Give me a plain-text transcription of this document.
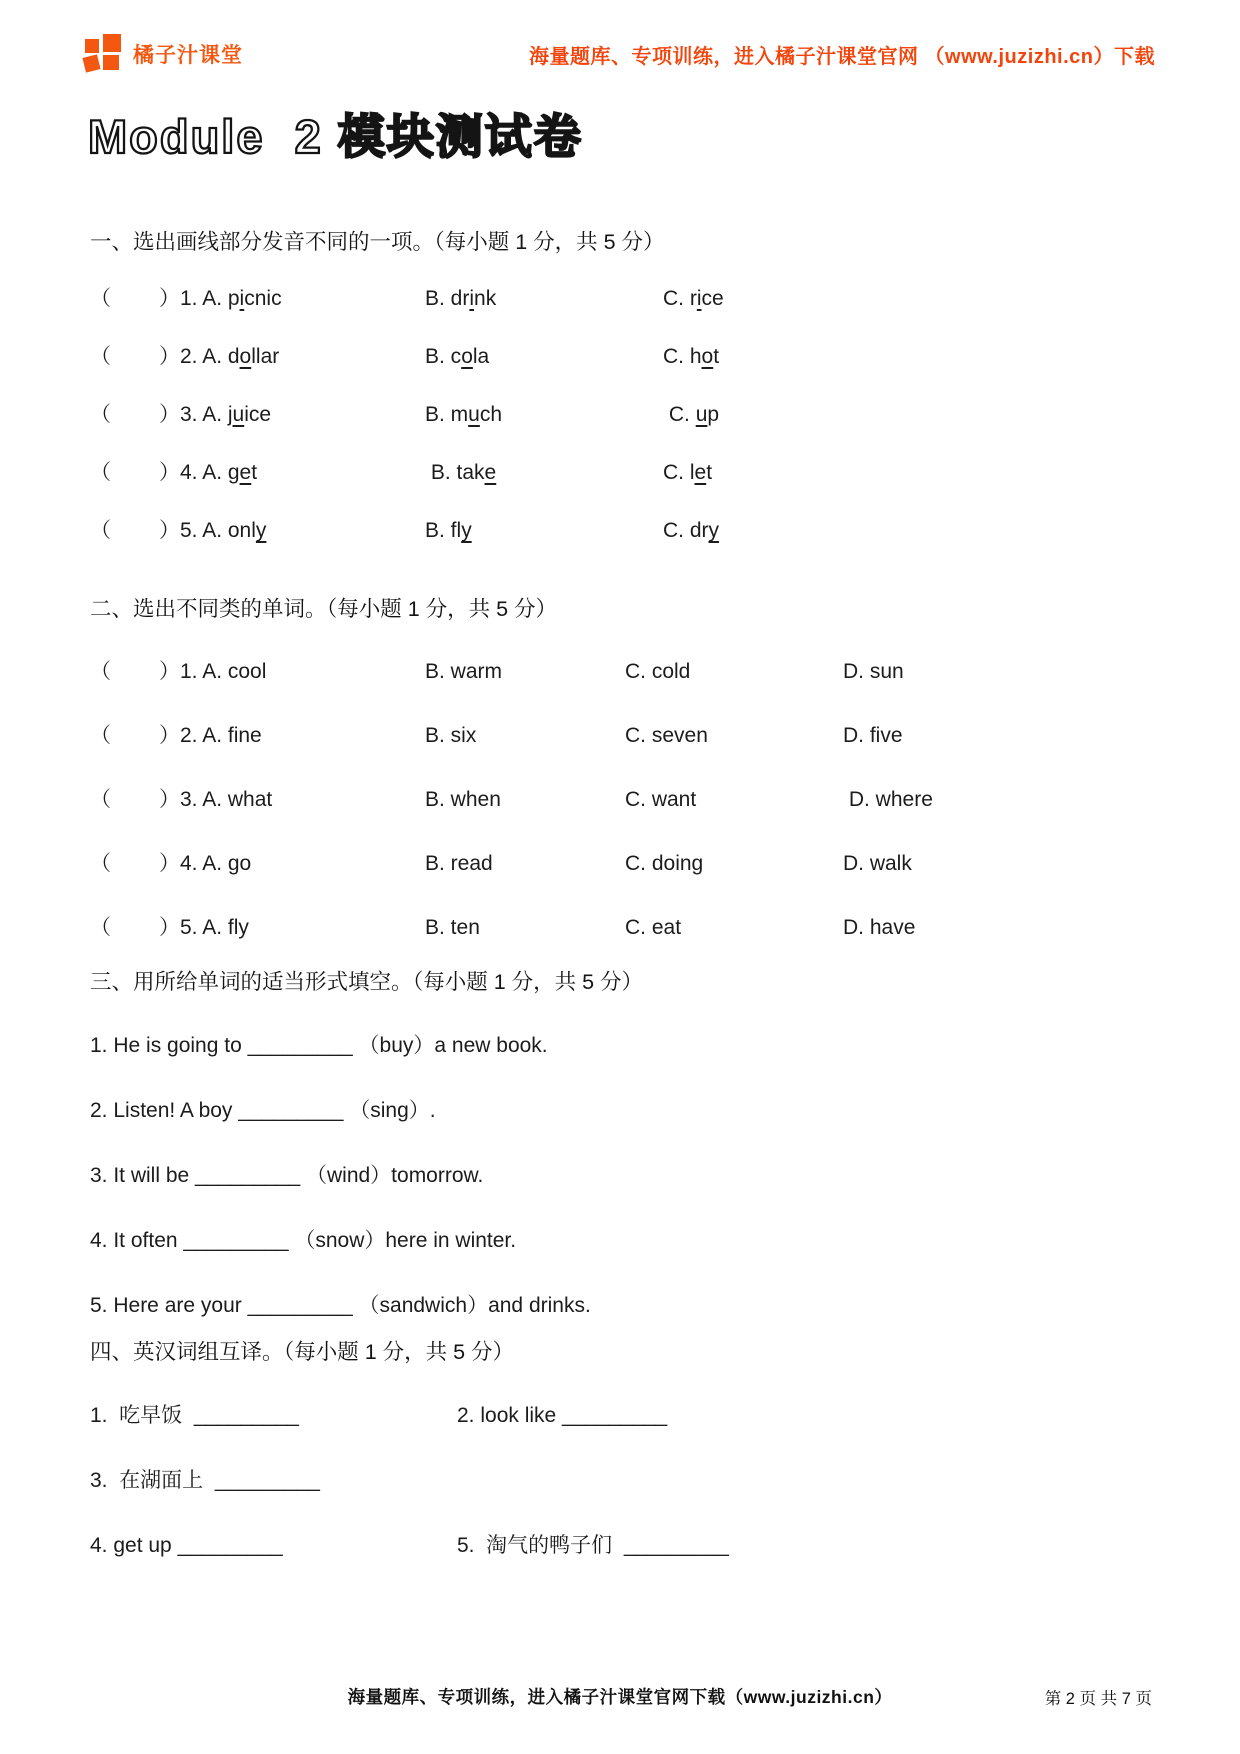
橘子汁课堂	海量题库、专项训练，进入橘子汁课堂官网 （www.juzizhi.cn）下载
Module  2 模块测试卷
一、选出画线部分发音不同的一项。（每小题 1 分，共 5 分）
（　　）
1. A. picnic	B. drink	C. rice
（　　）
2. A. dollar	B. cola	C. hot
（　　）
3. A. juice	B. much	C. up
（　　）
4. A. get	B. take	C. let
（　　）
5. A. only	B. fly	C. dry
二、选出不同类的单词。（每小题 1 分，共 5 分）
（　　）
1. A. cool	B. warm	C. cold	D. sun
（　　）
2. A. fine	B. six	C. seven	D. five
（　　）
3. A. what	B. when	C. want	D. where
（　　）
4. A. go	B. read	C. doing	D. walk
（　　）
5. A. fly	B. ten	C. eat	D. have
三、用所给单词的适当形式填空。（每小题 1 分，共 5 分）
1. He is going to _________ （buy）a new book.
2. Listen! A boy _________ （sing）.
3. It will be _________ （wind）tomorrow.
4. It often _________ （snow）here in winter.
5. Here are your _________ （sandwich）and drinks.
四、英汉词组互译。（每小题 1 分，共 5 分）
1.  吃早饭  _________	2. look like _________
3.  在湖面上  _________
4. get up _________	5.  淘气的鸭子们  _________
海量题库、专项训练，进入橘子汁课堂官网下载（www.juzizhi.cn）	第 2 页 共 7 页
